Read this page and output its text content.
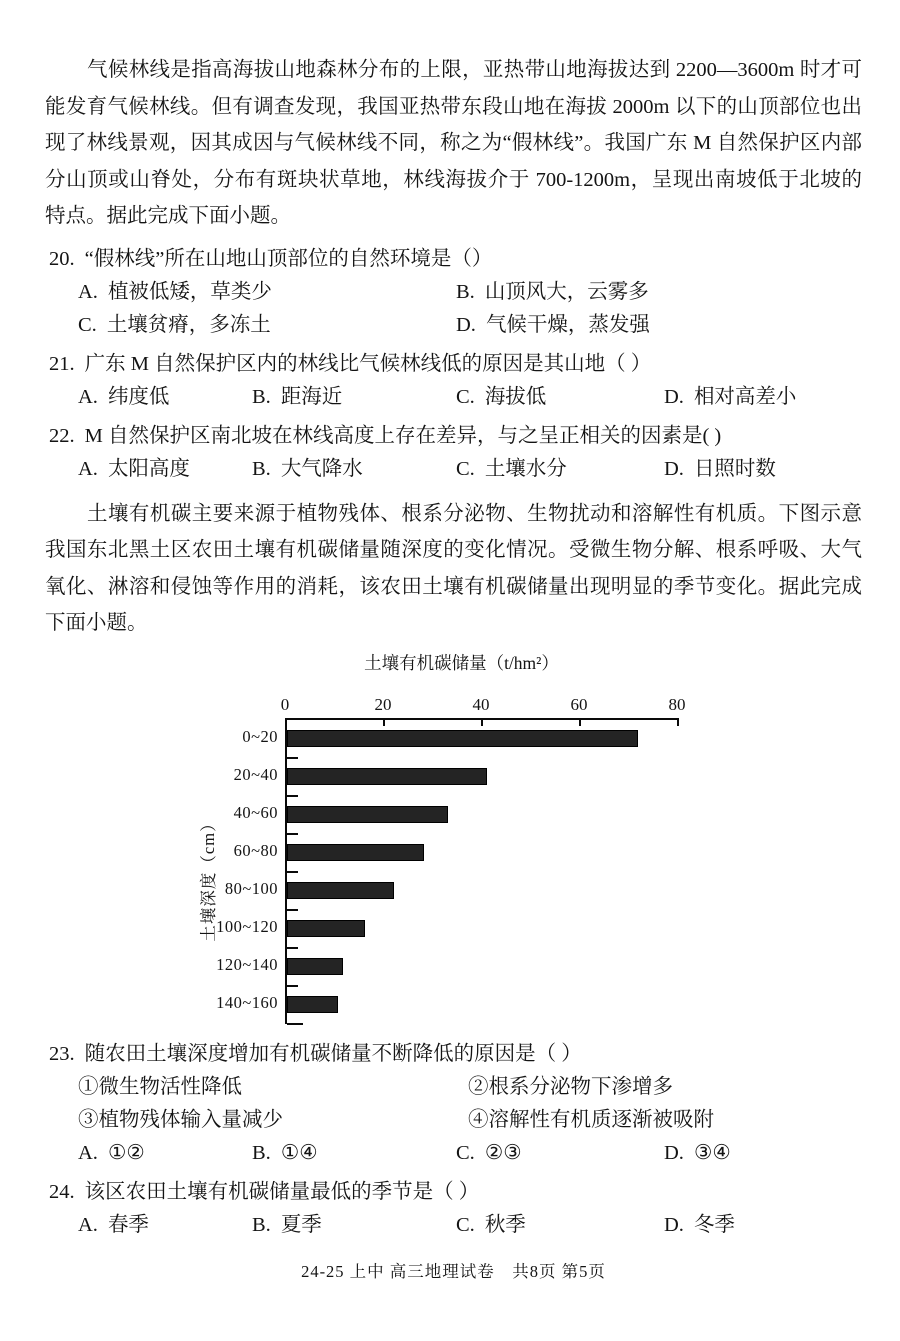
气候林线是指高海拔山地森林分布的上限，亚热带山地海拔达到 2200—3600m 时才可能发育气候林线。但有调查发现，我国亚热带东段山地在海拔 2000m 以下的山顶部位也出现了林线景观，因其成因与气候林线不同，称之为“假林线”。我国广东 M 自然保护区内部分山顶或山脊处，分布有斑块状草地，林线海拔介于 700-1200m，呈现出南坡低于北坡的特点。据此完成下面小题。

20. “假林线”所在山地山顶部位的自然环境是（）
A. 植被低矮，草类少	B. 山顶风大，云雾多
C. 土壤贫瘠，多冻土	D. 气候干燥，蒸发强
21. 广东 M 自然保护区内的林线比气候林线低的原因是其山地（ ）
A. 纬度低	B. 距海近	C. 海拔低	D. 相对高差小
22. M 自然保护区南北坡在林线高度上存在差异，与之呈正相关的因素是( )
A. 太阳高度	B. 大气降水	C. 土壤水分	D. 日照时数

土壤有机碳主要来源于植物残体、根系分泌物、生物扰动和溶解性有机质。下图示意我国东北黑土区农田土壤有机碳储量随深度的变化情况。受微生物分解、根系呼吸、大气氧化、淋溶和侵蚀等作用的消耗，该农田土壤有机碳储量出现明显的季节变化。据此完成下面小题。

土壤有机碳储量（t/hm²）
土壤深度（cm）
0~20
20~40
40~60
60~80
80~100
100~120
120~140
140~160
0	20	40	60	80
23. 随农田土壤深度增加有机碳储量不断降低的原因是（ ）
①微生物活性降低	②根系分泌物下渗增多
③植物残体输入量减少	④溶解性有机质逐渐被吸附
A. ①②	B. ①④	C. ②③	D. ③④
24. 该区农田土壤有机碳储量最低的季节是（ ）
A. 春季	B. 夏季	C. 秋季	D. 冬季
24-25 上中 高三地理试卷　共8页 第5页
